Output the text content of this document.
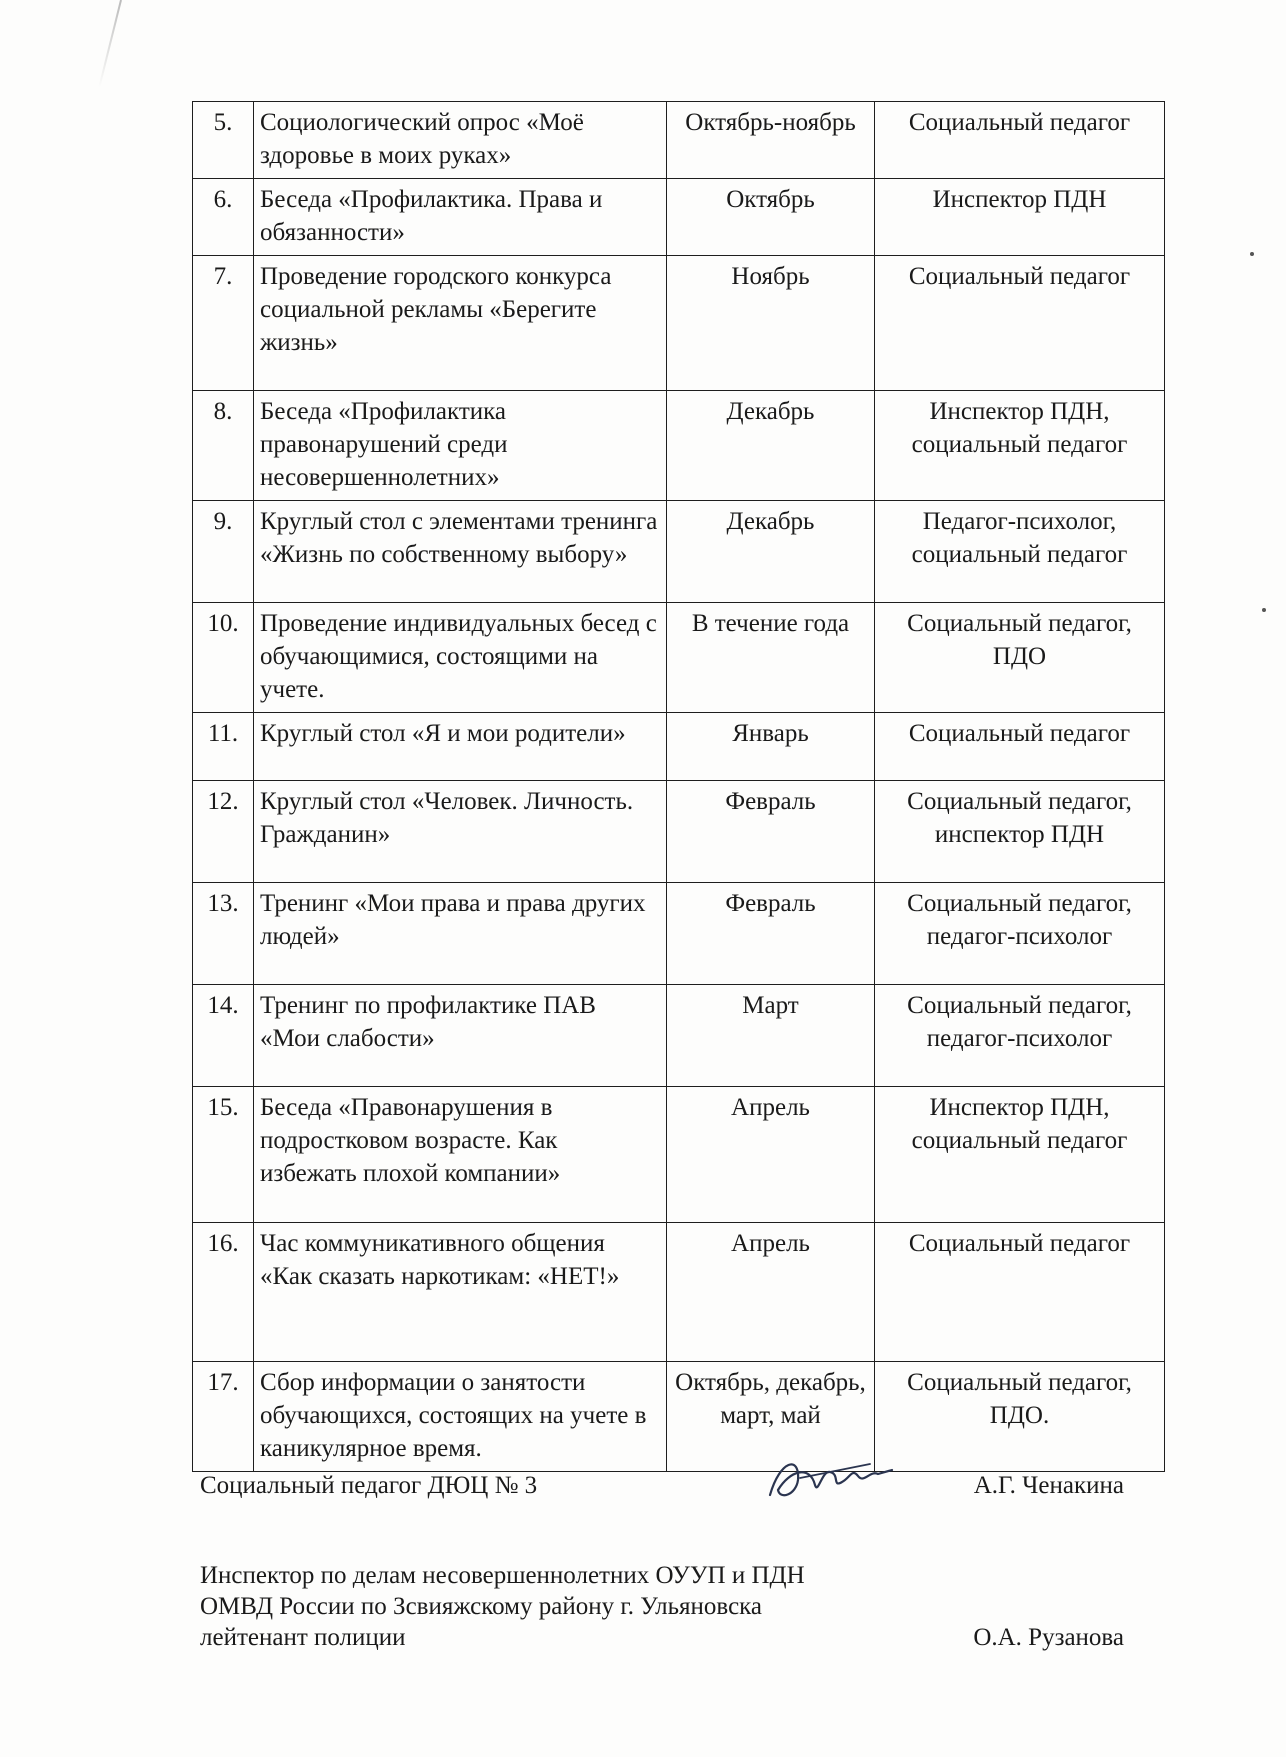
5.	Социологический опрос «Моё здоровье в моих руках»	Октябрь-ноябрь	Социальный педагог
6.	Беседа «Профилактика. Права и обязанности»	Октябрь	Инспектор ПДН
7.	Проведение городского конкурса социальной рекламы «Берегите жизнь»	Ноябрь	Социальный педагог
8.	Беседа «Профилактика правонарушений среди несовершеннолетних»	Декабрь	Инспектор ПДН, социальный педагог
9.	Круглый стол с элементами тренинга «Жизнь по собственному выбору»	Декабрь	Педагог-психолог, социальный педагог
10.	Проведение индивидуальных бесед с обучающимися, состоящими на учете.	В течение года	Социальный педагог, ПДО
11.	Круглый стол «Я и мои родители»	Январь	Социальный педагог
12.	Круглый стол «Человек. Личность. Гражданин»	Февраль	Социальный педагог, инспектор ПДН
13.	Тренинг «Мои права и права других людей»	Февраль	Социальный педагог, педагог-психолог
14.	Тренинг по профилактике ПАВ «Мои слабости»	Март	Социальный педагог, педагог-психолог
15.	Беседа «Правонарушения в подростковом возрасте. Как избежать плохой компании»	Апрель	Инспектор ПДН, социальный педагог
16.	Час коммуникативного общения «Как сказать наркотикам: «НЕТ!»	Апрель	Социальный педагог
17.	Сбор информации о занятости обучающихся, состоящих на учете в каникулярное время.	Октябрь, декабрь, март, май	Социальный педагог, ПДО.
Социальный педагог ДЮЦ № 3	А.Г. Ченакина
Инспектор по делам несовершеннолетних ОУУП и ПДН
ОМВД России по Зсвияжскому району г. Ульяновска
лейтенант полиции	О.А. Рузанова
